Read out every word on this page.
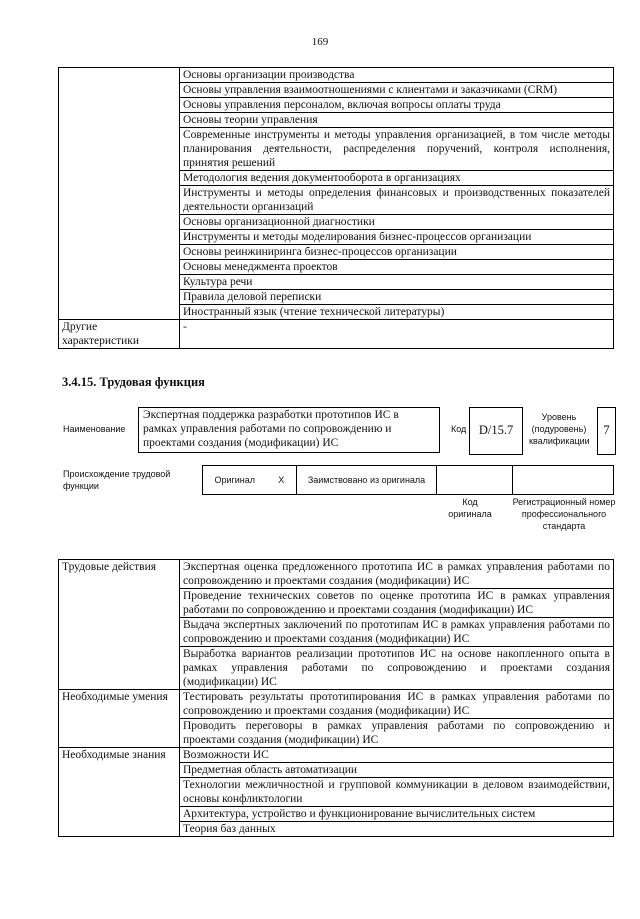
169
	Основы организации производства
	Основы управления взаимоотношениями с клиентами и заказчиками (CRM)
	Основы управления персоналом, включая вопросы оплаты труда
	Основы теории управления
	Современные инструменты и методы управления организацией, в том числе методы планирования деятельности, распределения поручений, контроля исполнения, принятия решений
	Методология ведения документооборота в организациях
	Инструменты и методы определения финансовых и производственных показателей деятельности организаций
	Основы организационной диагностики
	Инструменты и методы моделирования бизнес-процессов организации
	Основы реинжиниринга бизнес-процессов организации
	Основы менеджмента проектов
	Культура речи
	Правила деловой переписки
	Иностранный язык (чтение технической литературы)
Другие характеристики	-
3.4.15. Трудовая функция
Наименование
Экспертная поддержка разработки прототипов ИС в рамках управления работами по сопровождению и проектами создания (модификации) ИС
Код	D/15.7
Уровень (подуровень) квалификации
7
Происхождение трудовой функции
Оригинал	X	Заимствовано из оригинала		
Код оригинала
Регистрационный номер профессионального стандарта
Трудовые действия	Экспертная оценка предложенного прототипа ИС в рамках управления работами по сопровождению и проектами создания (модификации) ИС
	Проведение технических советов по оценке прототипа ИС в рамках управления работами по сопровождению и проектами создания (модификации) ИС
	Выдача экспертных заключений по прототипам ИС в рамках управления работами по сопровождению и проектами создания (модификации) ИС
	Выработка вариантов реализации прототипов ИС на основе накопленного опыта в рамках управления работами по сопровождению и проектами создания (модификации) ИС
Необходимые умения	Тестировать результаты прототипирования ИС в рамках управления работами по сопровождению и проектами создания (модификации) ИС
	Проводить переговоры в рамках управления работами по сопровождению и проектами создания (модификации) ИС
Необходимые знания	Возможности ИС
	Предметная область автоматизации
	Технологии межличностной и групповой коммуникации в деловом взаимодействии, основы конфликтологии
	Архитектура, устройство и функционирование вычислительных систем
	Теория баз данных
